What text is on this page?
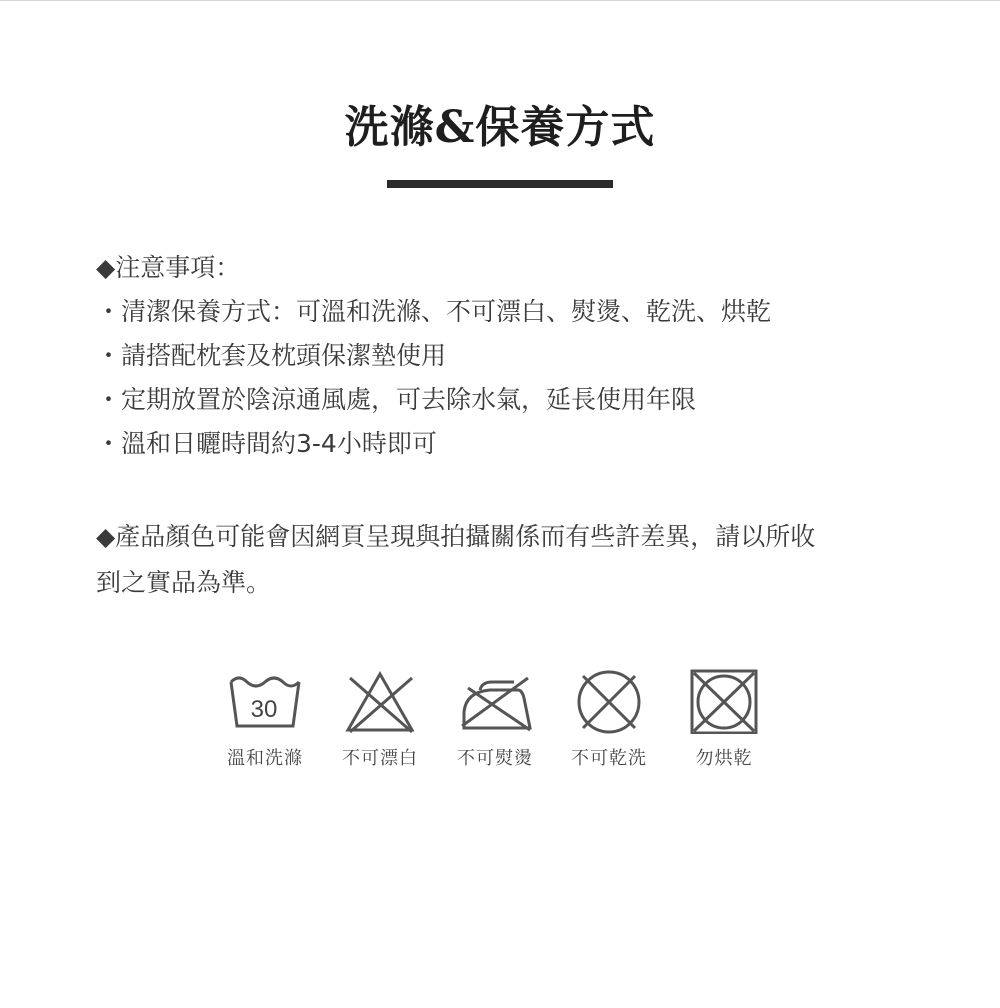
洗滌&保養方式
◆注意事項：
・清潔保養方式：可溫和洗滌、不可漂白、熨燙、乾洗、烘乾
・請搭配枕套及枕頭保潔墊使用
・定期放置於陰涼通風處，可去除水氣，延長使用年限
・溫和日曬時間約3-4小時即可
◆產品顏色可能會因網頁呈現與拍攝關係而有些許差異，請以所收
到之實品為準。
30
溫和洗滌	不可漂白	不可熨燙	不可乾洗	勿烘乾
